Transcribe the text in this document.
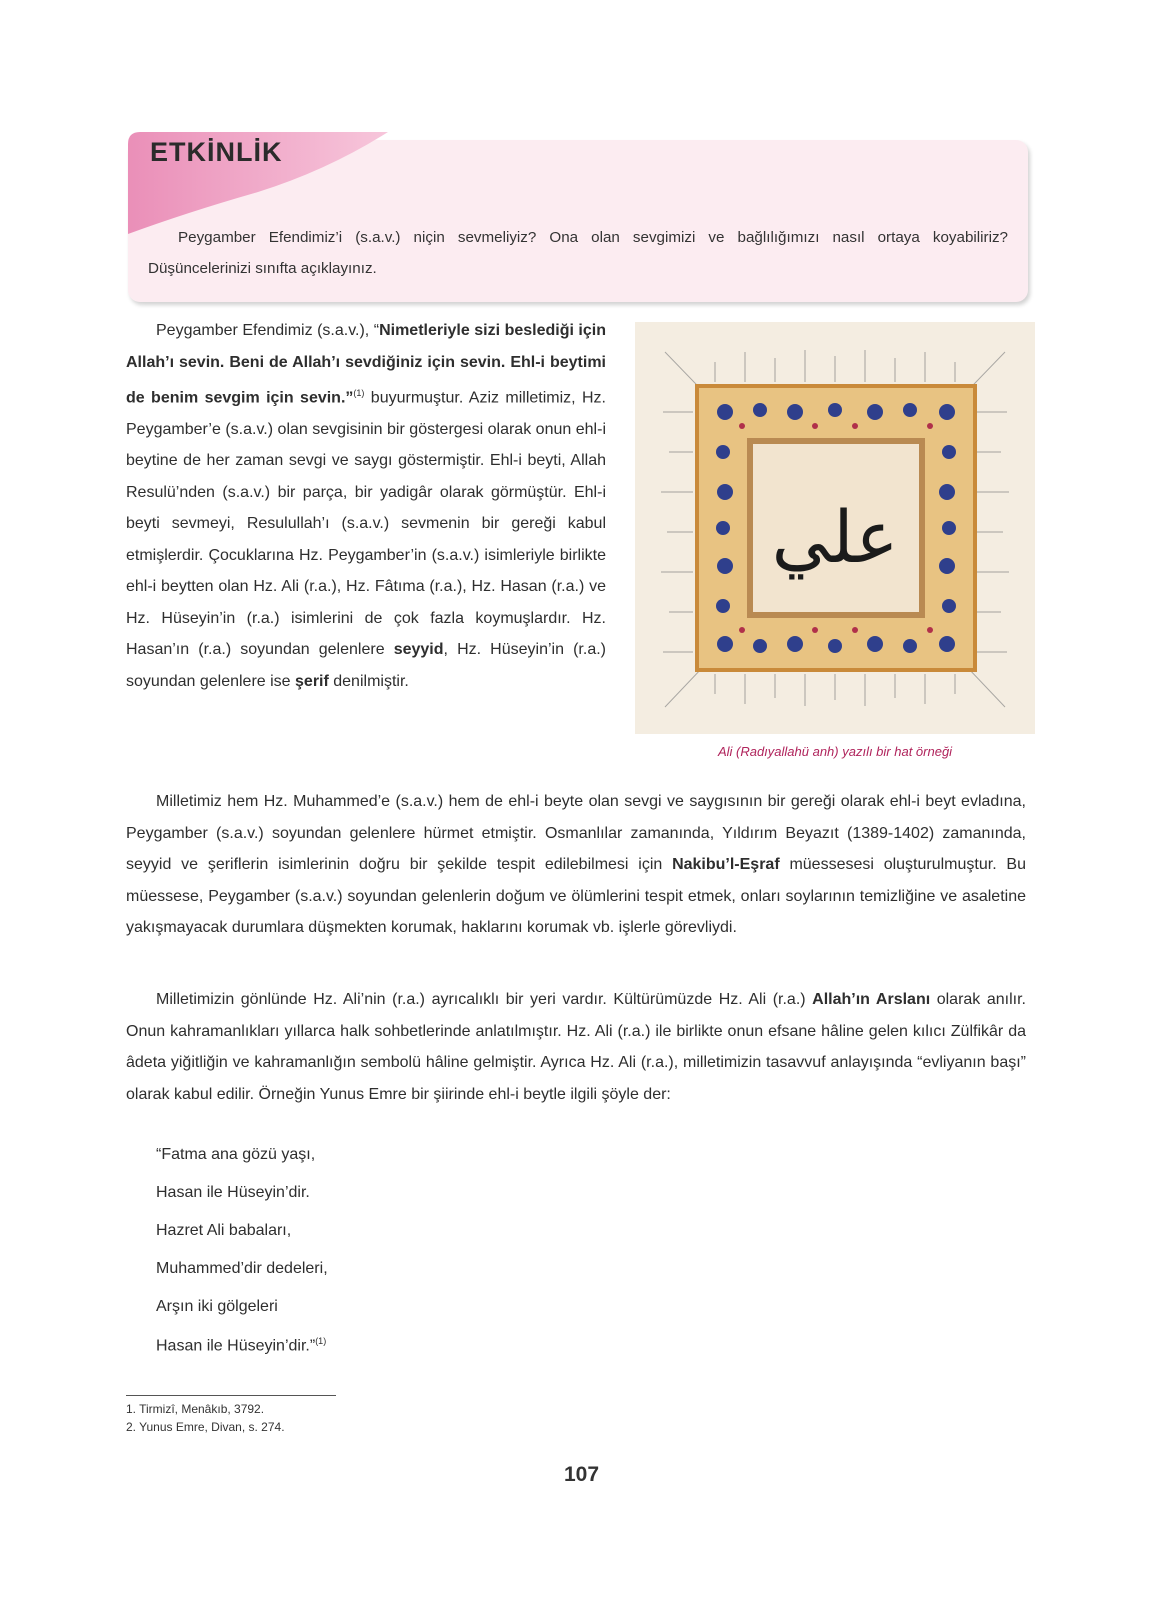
ETKİNLİK
Peygamber Efendimiz’i (s.a.v.) niçin sevmeliyiz? Ona olan sevgimizi ve bağlılığımızı nasıl ortaya koyabiliriz? Düşüncelerinizi sınıfta açıklayınız.
Peygamber Efendimiz (s.a.v.), “Nimetleriyle sizi beslediği için Allah’ı sevin. Beni de Allah’ı sevdiğiniz için sevin. Ehl-i beytimi de benim sevgim için sevin.”$^{(1)}$ buyurmuştur. Aziz milletimiz, Hz. Peygamber’e (s.a.v.) olan sevgisinin bir göstergesi olarak onun ehl-i beytine de her zaman sevgi ve saygı göstermiştir. Ehl-i beyti, Allah Resulü’nden (s.a.v.) bir parça, bir yadigâr olarak görmüştür. Ehl-i beyti sevmeyi, Resulullah’ı (s.a.v.) sevmenin bir gereği kabul etmişlerdir. Çocuklarına Hz. Peygamber’in (s.a.v.) isimleriyle birlikte ehl-i beytten olan Hz. Ali (r.a.), Hz. Fâtıma (r.a.), Hz. Hasan (r.a.) ve Hz. Hüseyin’in (r.a.) isimlerini de çok fazla koymuşlardır. Hz. Hasan’ın (r.a.) soyundan gelenlere seyyid, Hz. Hüseyin’in (r.a.) soyundan gelenlere ise şerif denilmiştir.
علي
Ali (Radıyallahü anh) yazılı bir hat örneği
Milletimiz hem Hz. Muhammed’e (s.a.v.) hem de ehl-i beyte olan sevgi ve saygısının bir gereği olarak ehl-i beyt evladına, Peygamber (s.a.v.) soyundan gelenlere hürmet etmiştir. Osmanlılar zamanında, Yıldırım Beyazıt (1389-1402) zamanında, seyyid ve şeriflerin isimlerinin doğru bir şekilde tespit edilebilmesi için Nakibu’l-Eşraf müessesesi oluşturulmuştur. Bu müessese, Peygamber (s.a.v.) soyundan gelenlerin doğum ve ölümlerini tespit etmek, onları soylarının temizliğine ve asaletine yakışmayacak durumlara düşmekten korumak, haklarını korumak vb. işlerle görevliydi.
Milletimizin gönlünde Hz. Ali’nin (r.a.) ayrıcalıklı bir yeri vardır. Kültürümüzde Hz. Ali (r.a.) Allah’ın Arslanı olarak anılır. Onun kahramanlıkları yıllarca halk sohbetlerinde anlatılmıştır. Hz. Ali (r.a.) ile birlikte onun efsane hâline gelen kılıcı Zülfikâr da âdeta yiğitliğin ve kahramanlığın sembolü hâline gelmiştir. Ayrıca Hz. Ali (r.a.), milletimizin tasavvuf anlayışında “evliyanın başı” olarak kabul edilir. Örneğin Yunus Emre bir şiirinde ehl-i beytle ilgili şöyle der:
“Fatma ana gözü yaşı,
Hasan ile Hüseyin’dir.
Hazret Ali babaları,
Muhammed’dir dedeleri,
Arşın iki gölgeleri
Hasan ile Hüseyin’dir.”$^{(1)}$
1. Tirmizî, Menâkıb, 3792.
2. Yunus Emre, Divan, s. 274.
107
